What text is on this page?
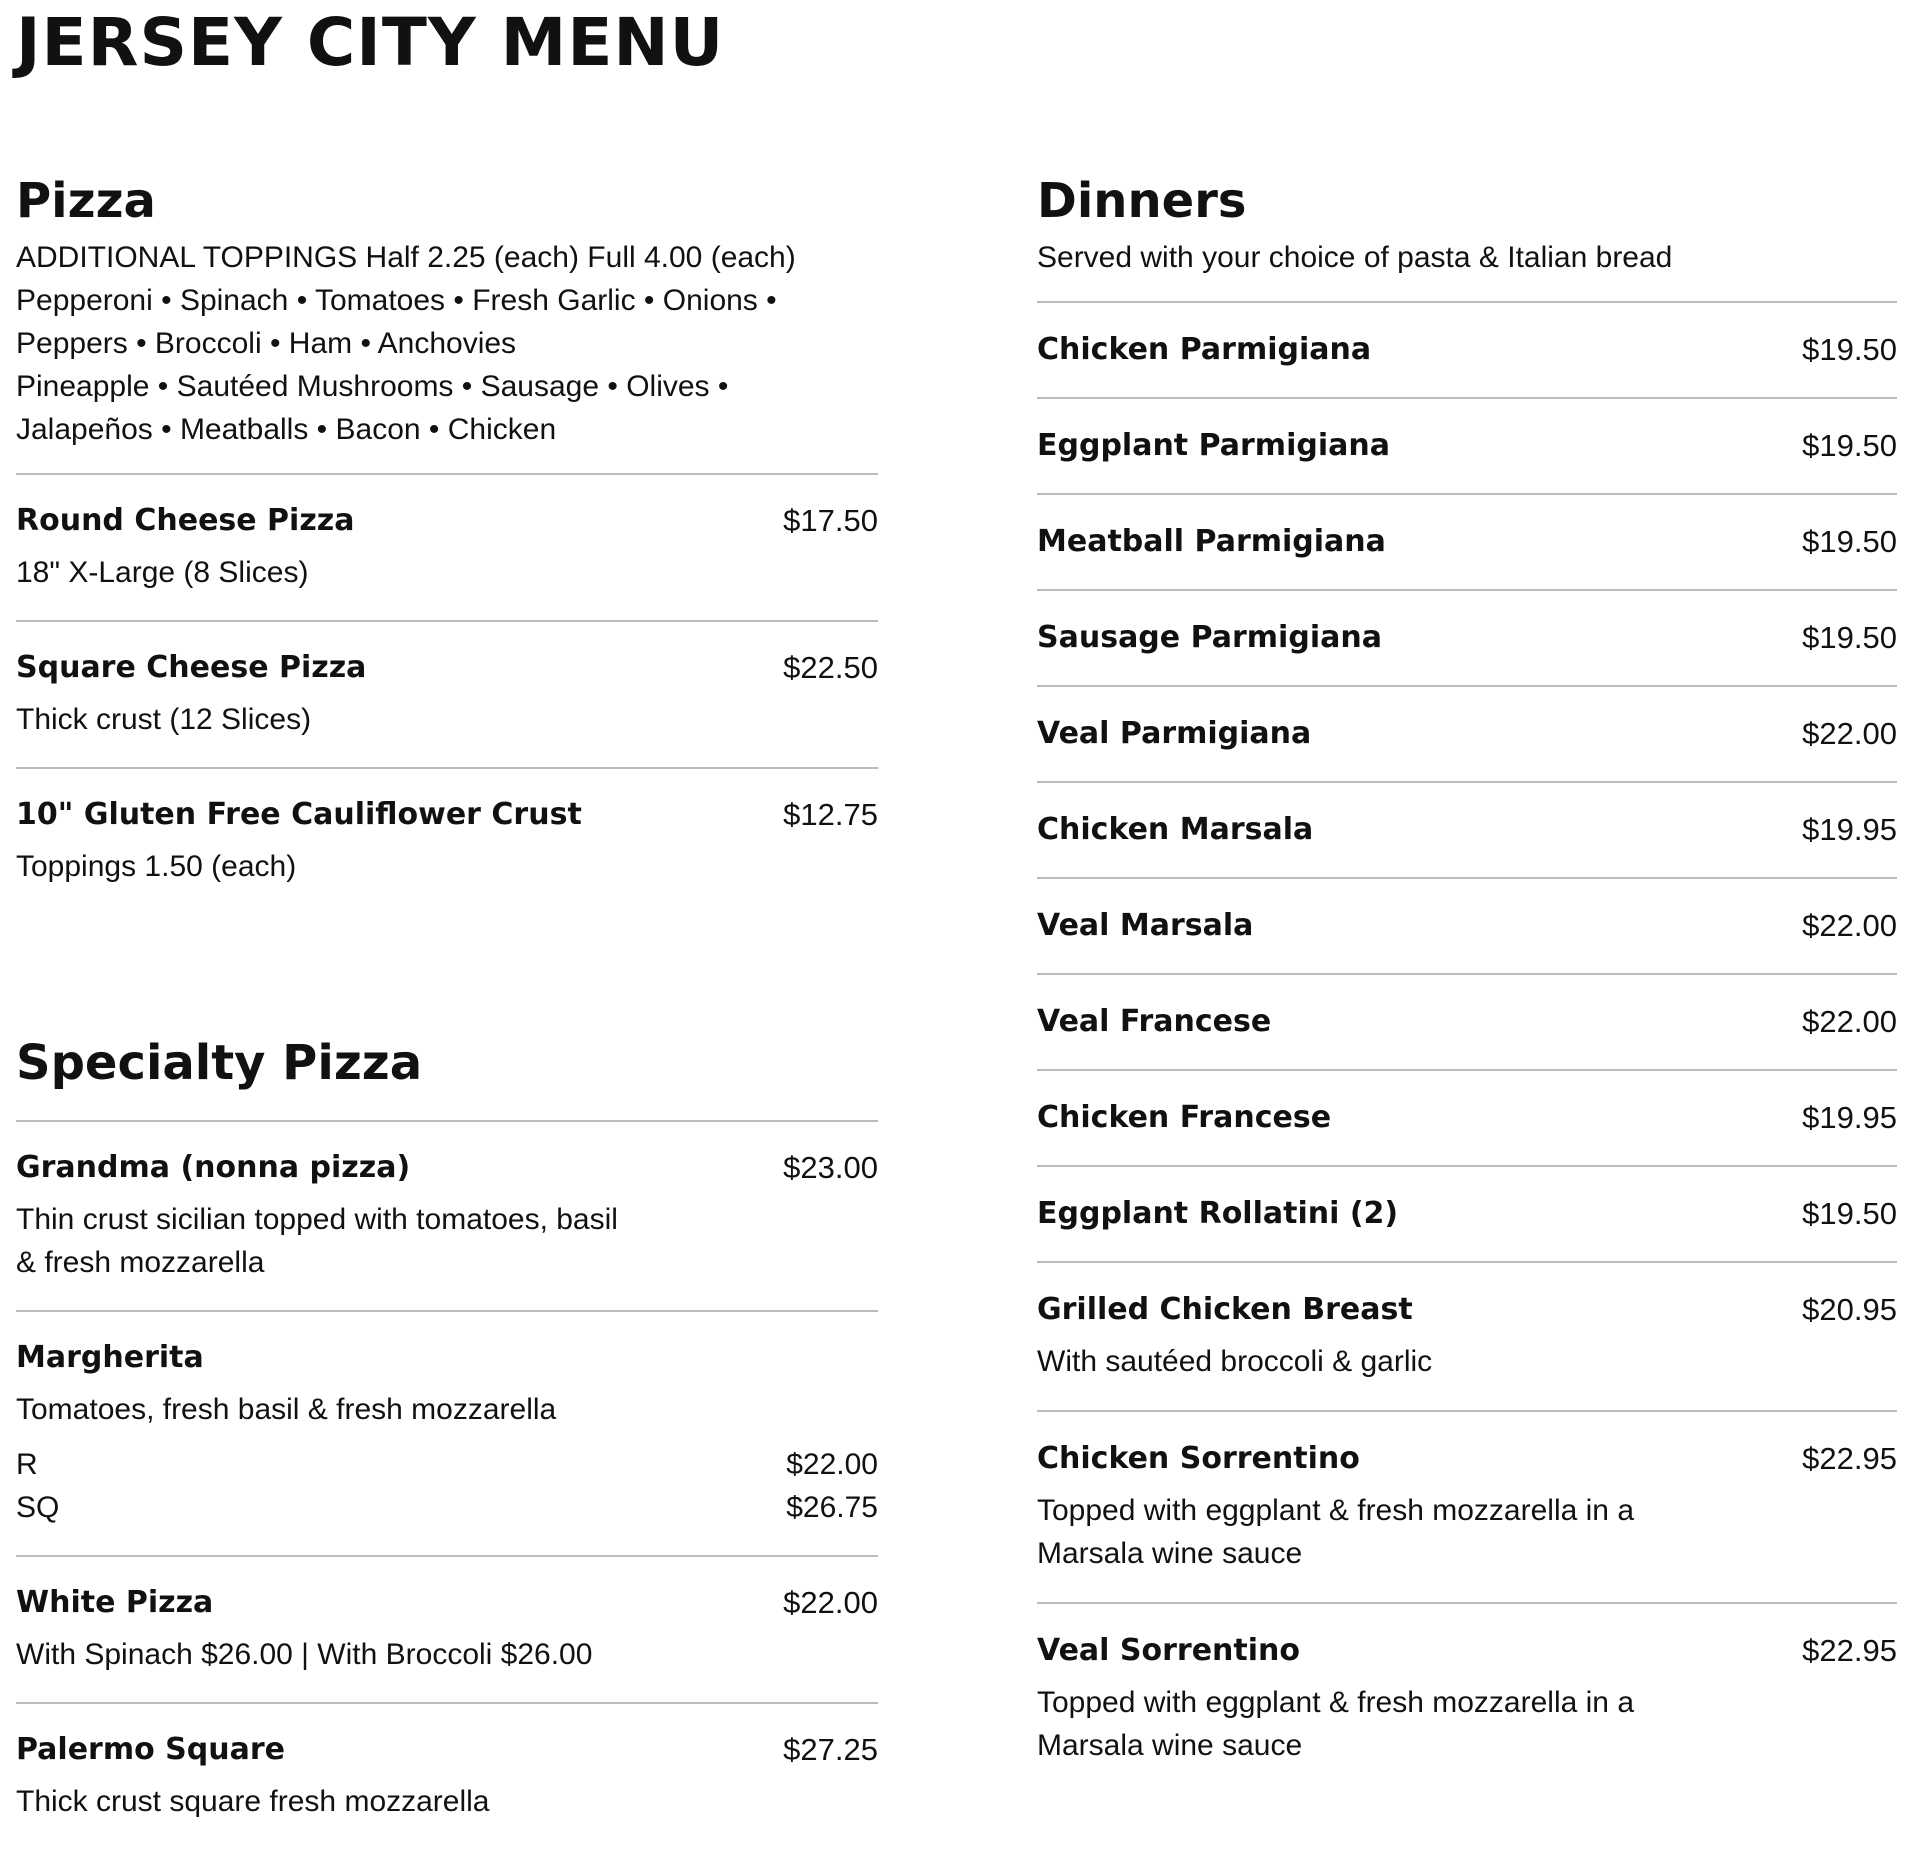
JERSEY CITY MENU
Pizza
ADDITIONAL TOPPINGS Half 2.25 (each) Full 4.00 (each)
Pepperoni • Spinach • Tomatoes • Fresh Garlic • Onions •
Peppers • Broccoli • Ham • Anchovies
Pineapple • Sautéed Mushrooms • Sausage • Olives •
Jalapeños • Meatballs • Bacon • Chicken
Round Cheese Pizza	$17.50
18" X-Large (8 Slices)
Square Cheese Pizza	$22.50
Thick crust (12 Slices)
10" Gluten Free Cauliflower Crust	$12.75
Toppings 1.50 (each)
Specialty Pizza
Grandma (nonna pizza)	$23.00
Thin crust sicilian topped with tomatoes, basil & fresh mozzarella
Margherita
Tomatoes, fresh basil & fresh mozzarella
R	$22.00
SQ	$26.75
White Pizza	$22.00
With Spinach $26.00 | With Broccoli $26.00
Palermo Square	$27.25
Thick crust square fresh mozzarella
Dinners
Served with your choice of pasta & Italian bread
Chicken Parmigiana	$19.50
Eggplant Parmigiana	$19.50
Meatball Parmigiana	$19.50
Sausage Parmigiana	$19.50
Veal Parmigiana	$22.00
Chicken Marsala	$19.95
Veal Marsala	$22.00
Veal Francese	$22.00
Chicken Francese	$19.95
Eggplant Rollatini (2)	$19.50
Grilled Chicken Breast	$20.95
With sautéed broccoli & garlic
Chicken Sorrentino	$22.95
Topped with eggplant & fresh mozzarella in a Marsala wine sauce
Veal Sorrentino	$22.95
Topped with eggplant & fresh mozzarella in a Marsala wine sauce
